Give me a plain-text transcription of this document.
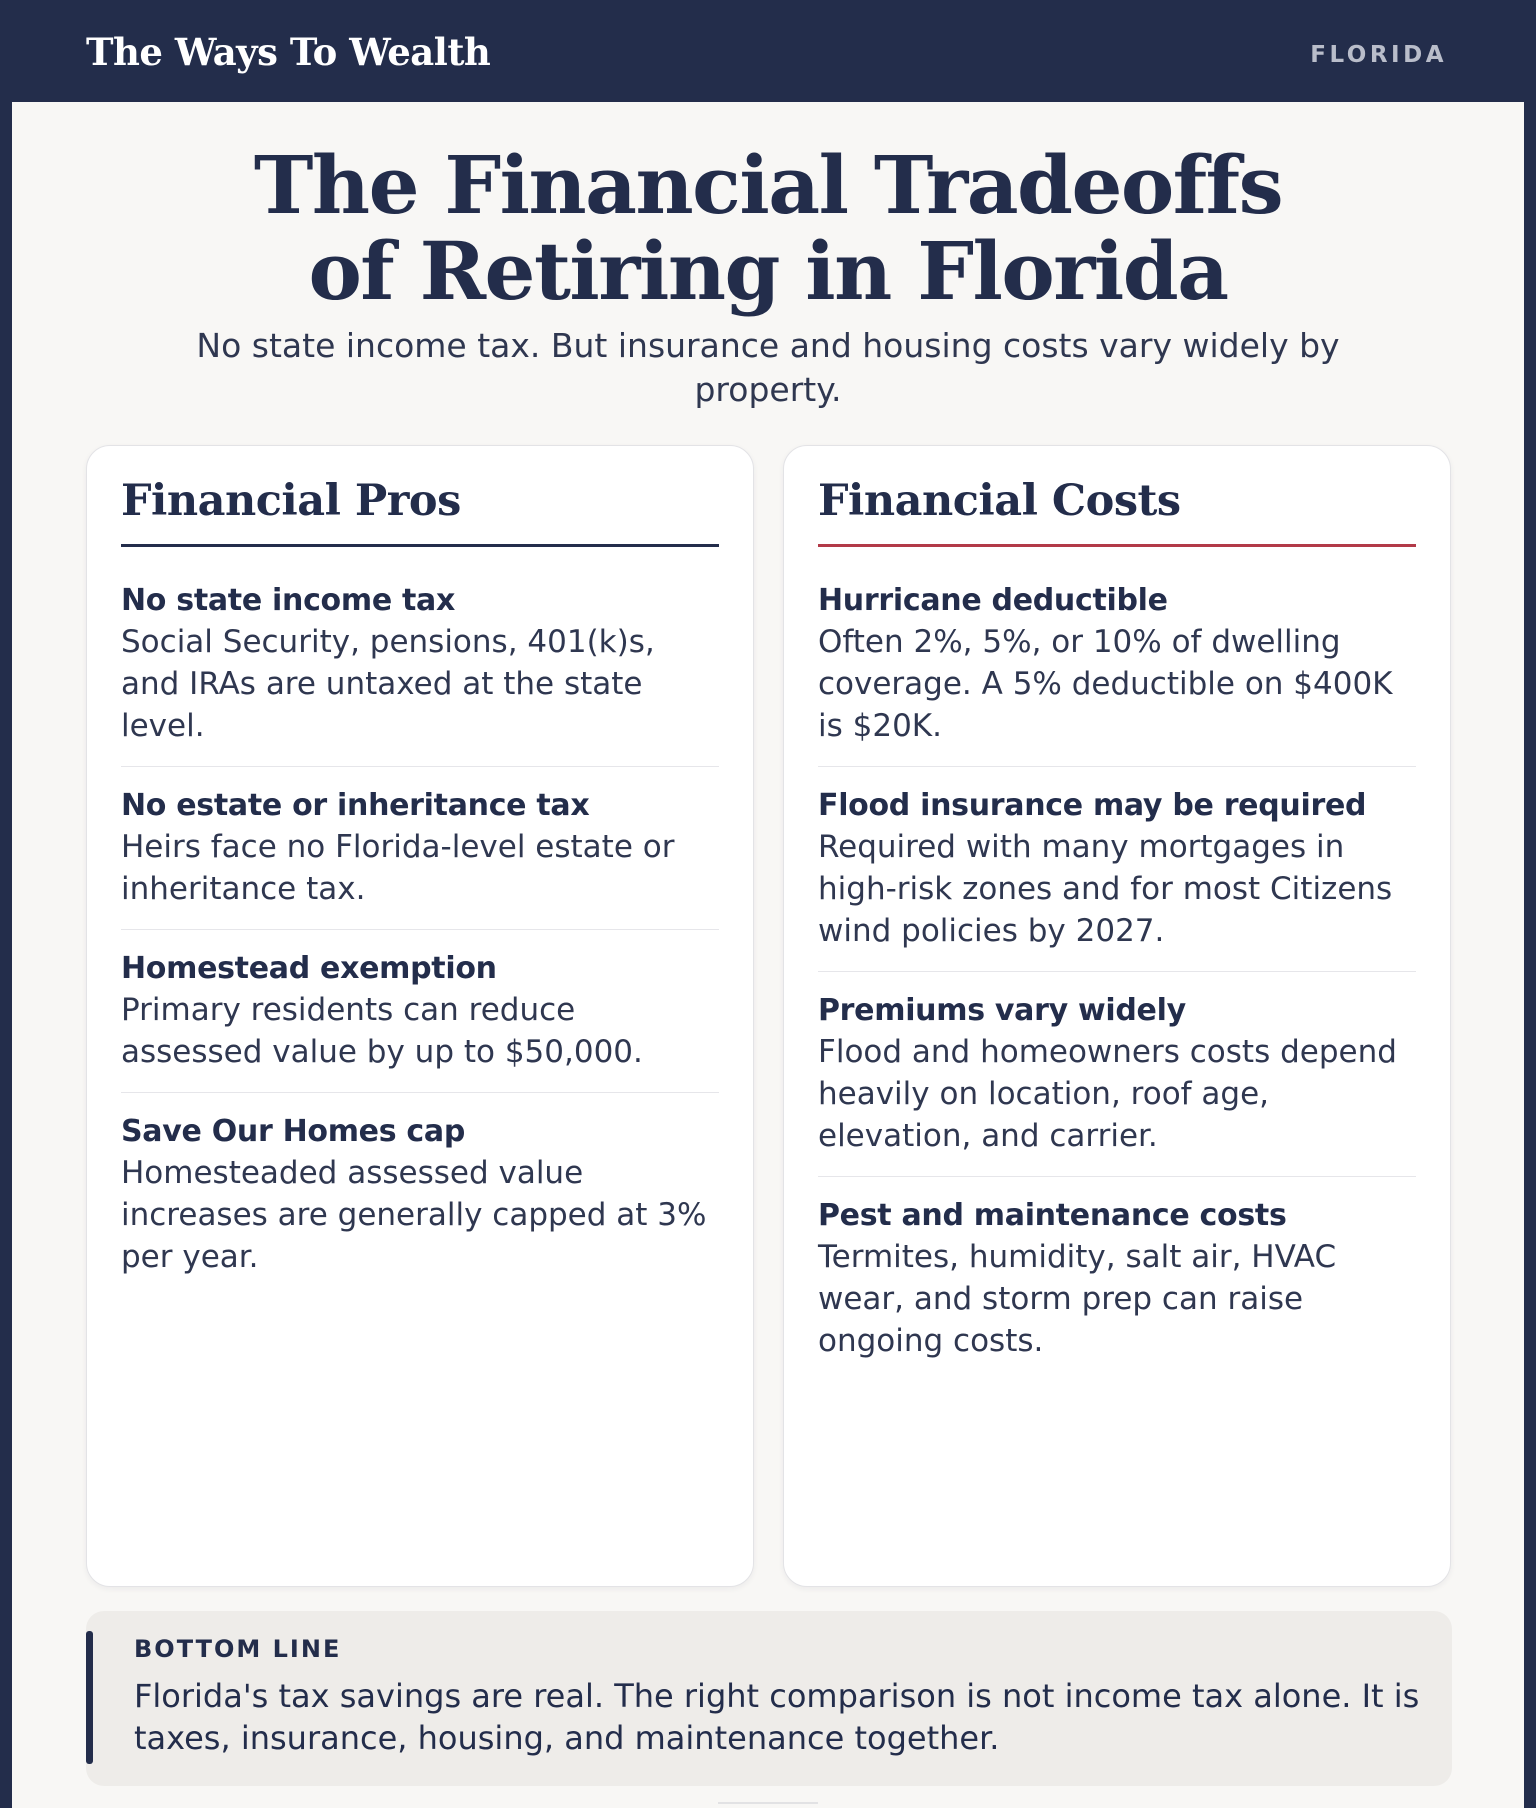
The Ways To Wealth	FLORIDA
The Financial Tradeoffs
of Retiring in Florida

No state income tax. But insurance and housing costs vary widely by property.

Financial Pros
No state income tax
Social Security, pensions, 401(k)s, and IRAs are untaxed at the state level.
No estate or inheritance tax
Heirs face no Florida-level estate or inheritance tax.
Homestead exemption
Primary residents can reduce assessed value by up to $50,000.
Save Our Homes cap
Homesteaded assessed value increases are generally capped at 3% per year.
Financial Costs
Hurricane deductible
Often 2%, 5%, or 10% of dwelling coverage. A 5% deductible on $400K is $20K.
Flood insurance may be required
Required with many mortgages in high-risk zones and for most Citizens wind policies by 2027.
Premiums vary widely
Flood and homeowners costs depend heavily on location, roof age, elevation, and carrier.
Pest and maintenance costs
Termites, humidity, salt air, HVAC wear, and storm prep can raise ongoing costs.
BOTTOM LINE
Florida's tax savings are real. The right comparison is not income tax alone. It is taxes, insurance, housing, and maintenance together.
